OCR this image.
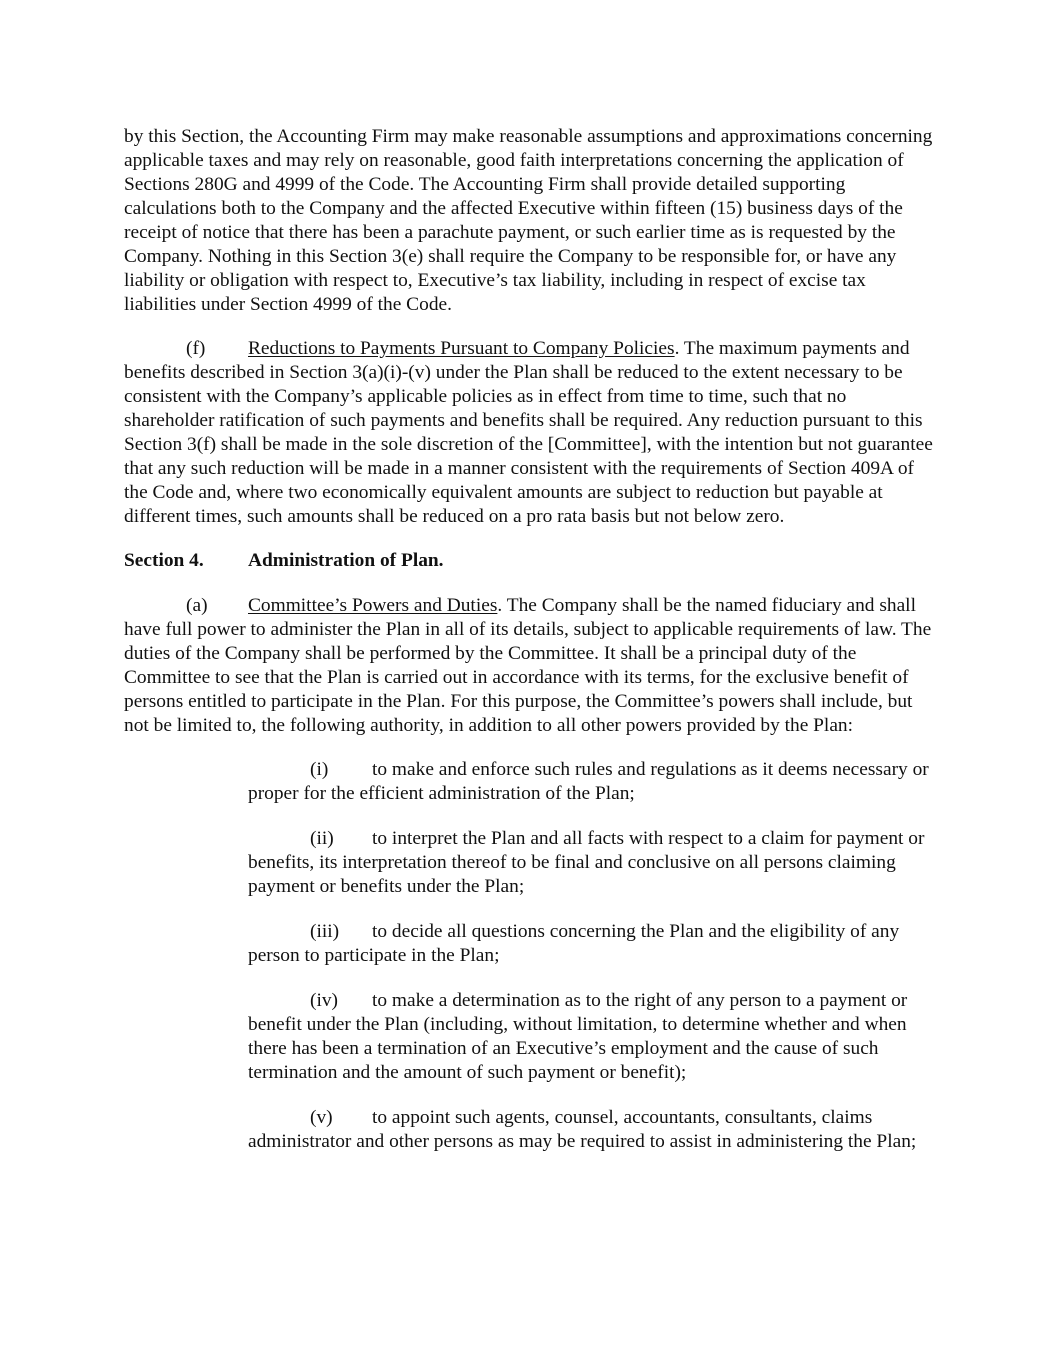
by this Section, the Accounting Firm may make reasonable assumptions and approximations concerning applicable taxes and may rely on reasonable, good faith interpretations concerning the application of Sections 280G and 4999 of the Code. The Accounting Firm shall provide detailed supporting calculations both to the Company and the affected Executive within fifteen (15) business days of the receipt of notice that there has been a parachute payment, or such earlier time as is requested by the Company. Nothing in this Section 3(e) shall require the Company to be responsible for, or have any liability or obligation with respect to, Executive’s tax liability, including in respect of excise tax liabilities under Section 4999 of the Code.

(f) Reductions to Payments Pursuant to Company Policies. The maximum payments and benefits described in Section 3(a)(i)-(v) under the Plan shall be reduced to the extent necessary to be consistent with the Company’s applicable policies as in effect from time to time, such that no shareholder ratification of such payments and benefits shall be required. Any reduction pursuant to this Section 3(f) shall be made in the sole discretion of the [Committee], with the intention but not guarantee that any such reduction will be made in a manner consistent with the requirements of Section 409A of the Code and, where two economically equivalent amounts are subject to reduction but payable at different times, such amounts shall be reduced on a pro rata basis but not below zero.

Section 4. Administration of Plan.

(a) Committee’s Powers and Duties. The Company shall be the named fiduciary and shall have full power to administer the Plan in all of its details, subject to applicable requirements of law. The duties of the Company shall be performed by the Committee. It shall be a principal duty of the Committee to see that the Plan is carried out in accordance with its terms, for the exclusive benefit of persons entitled to participate in the Plan. For this purpose, the Committee’s powers shall include, but not be limited to, the following authority, in addition to all other powers provided by the Plan:

(i) to make and enforce such rules and regulations as it deems necessary or proper for the efficient administration of the Plan;

(ii) to interpret the Plan and all facts with respect to a claim for payment or benefits, its interpretation thereof to be final and conclusive on all persons claiming payment or benefits under the Plan;

(iii) to decide all questions concerning the Plan and the eligibility of any person to participate in the Plan;

(iv) to make a determination as to the right of any person to a payment or benefit under the Plan (including, without limitation, to determine whether and when there has been a termination of an Executive’s employment and the cause of such termination and the amount of such payment or benefit);

(v) to appoint such agents, counsel, accountants, consultants, claims administrator and other persons as may be required to assist in administering the Plan;
